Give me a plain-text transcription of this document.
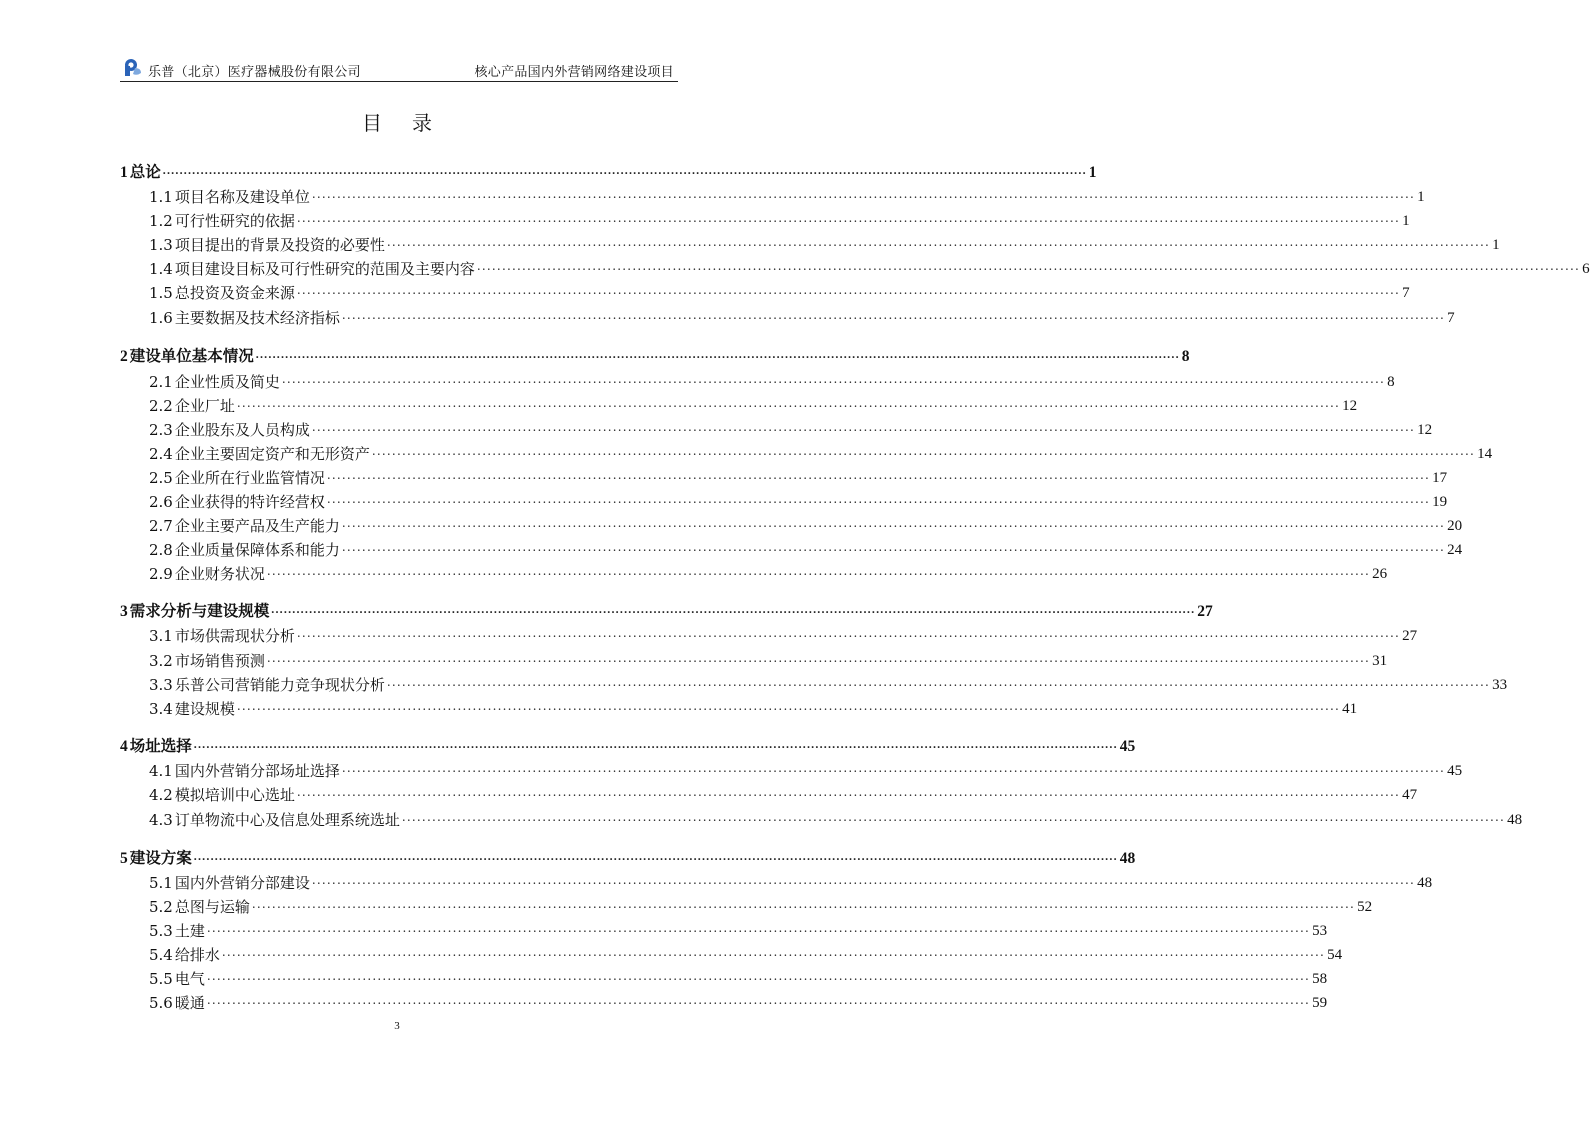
乐普（北京）医疗器械股份有限公司	核心产品国内外营销网络建设项目
目录
1 总论 ............................................................................................................................................................................................................................ 1
1.1 项目名称及建设单位 ............................................................................................................................................................................................................................ 1
1.2 可行性研究的依据 ............................................................................................................................................................................................................................ 1
1.3 项目提出的背景及投资的必要性 ............................................................................................................................................................................................................................ 1
1.4 项目建设目标及可行性研究的范围及主要内容 ............................................................................................................................................................................................................................ 6
1.5 总投资及资金来源 ............................................................................................................................................................................................................................ 7
1.6 主要数据及技术经济指标 ............................................................................................................................................................................................................................ 7
2 建设单位基本情况 ............................................................................................................................................................................................................................ 8
2.1 企业性质及简史 ............................................................................................................................................................................................................................ 8
2.2 企业厂址 ............................................................................................................................................................................................................................ 12
2.3 企业股东及人员构成 ............................................................................................................................................................................................................................ 12
2.4 企业主要固定资产和无形资产 ............................................................................................................................................................................................................................ 14
2.5 企业所在行业监管情况 ............................................................................................................................................................................................................................ 17
2.6 企业获得的特许经营权 ............................................................................................................................................................................................................................ 19
2.7 企业主要产品及生产能力 ............................................................................................................................................................................................................................ 20
2.8 企业质量保障体系和能力 ............................................................................................................................................................................................................................ 24
2.9 企业财务状况 ............................................................................................................................................................................................................................ 26
3 需求分析与建设规模 ............................................................................................................................................................................................................................ 27
3.1 市场供需现状分析 ............................................................................................................................................................................................................................ 27
3.2 市场销售预测 ............................................................................................................................................................................................................................ 31
3.3 乐普公司营销能力竞争现状分析 ............................................................................................................................................................................................................................ 33
3.4 建设规模 ............................................................................................................................................................................................................................ 41
4 场址选择 ............................................................................................................................................................................................................................ 45
4.1 国内外营销分部场址选择 ............................................................................................................................................................................................................................ 45
4.2 模拟培训中心选址 ............................................................................................................................................................................................................................ 47
4.3 订单物流中心及信息处理系统选址 ............................................................................................................................................................................................................................ 48
5 建设方案 ............................................................................................................................................................................................................................ 48
5.1 国内外营销分部建设 ............................................................................................................................................................................................................................ 48
5.2 总图与运输 ............................................................................................................................................................................................................................ 52
5.3 土建 ............................................................................................................................................................................................................................ 53
5.4 给排水 ............................................................................................................................................................................................................................ 54
5.5 电气 ............................................................................................................................................................................................................................ 58
5.6 暖通 ............................................................................................................................................................................................................................ 59
3
